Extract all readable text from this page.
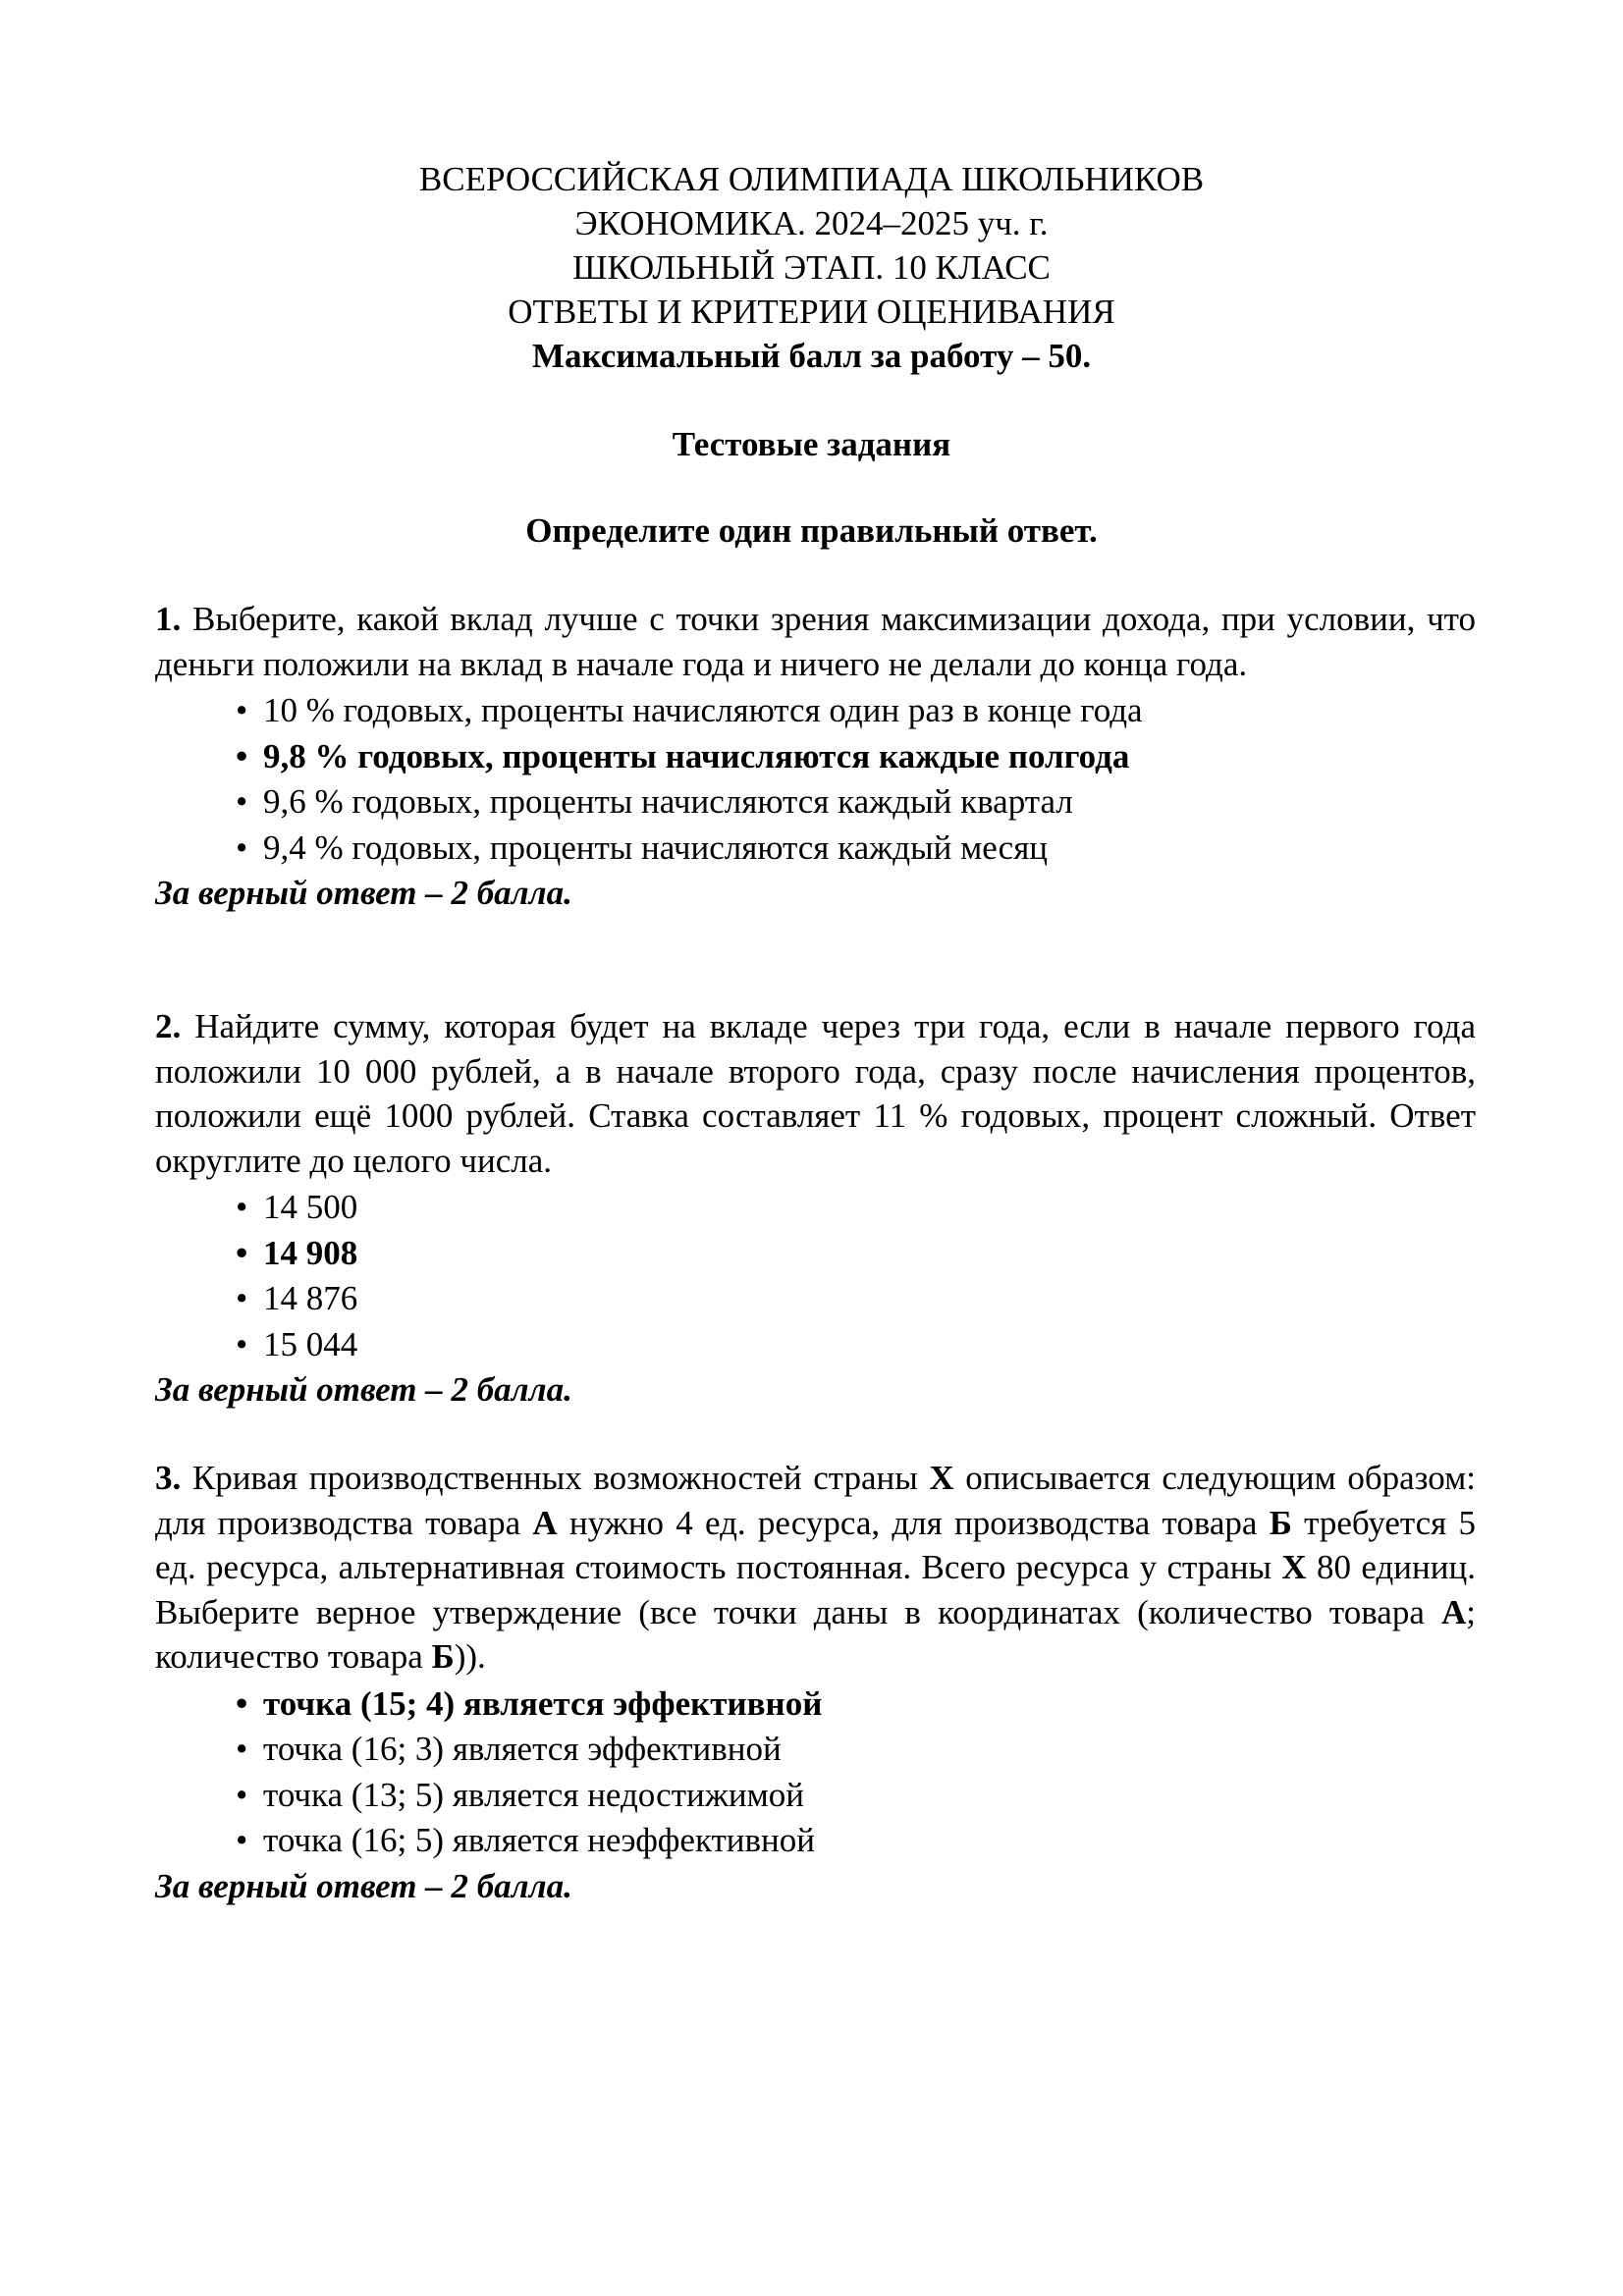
ВСЕРОССИЙСКАЯ ОЛИМПИАДА ШКОЛЬНИКОВ
ЭКОНОМИКА. 2024–2025 уч. г.
ШКОЛЬНЫЙ ЭТАП. 10 КЛАСС
ОТВЕТЫ И КРИТЕРИИ ОЦЕНИВАНИЯ
Максимальный балл за работу – 50.
Тестовые задания
Определите один правильный ответ.

1. Выберите, какой вклад лучше с точки зрения максимизации дохода, при условии, что деньги положили на вклад в начале года и ничего не делали до конца года.

• 10 % годовых, проценты начисляются один раз в конце года
• 9,8 % годовых, проценты начисляются каждые полгода
• 9,6 % годовых, проценты начисляются каждый квартал
• 9,4 % годовых, проценты начисляются каждый месяц
За верный ответ – 2 балла.

2. Найдите сумму, которая будет на вкладе через три года, если в начале первого года положили 10 000 рублей, а в начале второго года, сразу после начисления процентов, положили ещё 1000 рублей. Ставка составляет 11 % годовых, процент сложный. Ответ округлите до целого числа.

• 14 500
• 14 908
• 14 876
• 15 044
За верный ответ – 2 балла.

3. Кривая производственных возможностей страны Х описывается следующим образом: для производства товара А нужно 4 ед. ресурса, для производства товара Б требуется 5 ед. ресурса, альтернативная стоимость постоянная. Всего ресурса у страны Х 80 единиц. Выберите верное утверждение (все точки даны в координатах (количество товара А; количество товара Б)).

• точка (15; 4) является эффективной
• точка (16; 3) является эффективной
• точка (13; 5) является недостижимой
• точка (16; 5) является неэффективной
За верный ответ – 2 балла.
